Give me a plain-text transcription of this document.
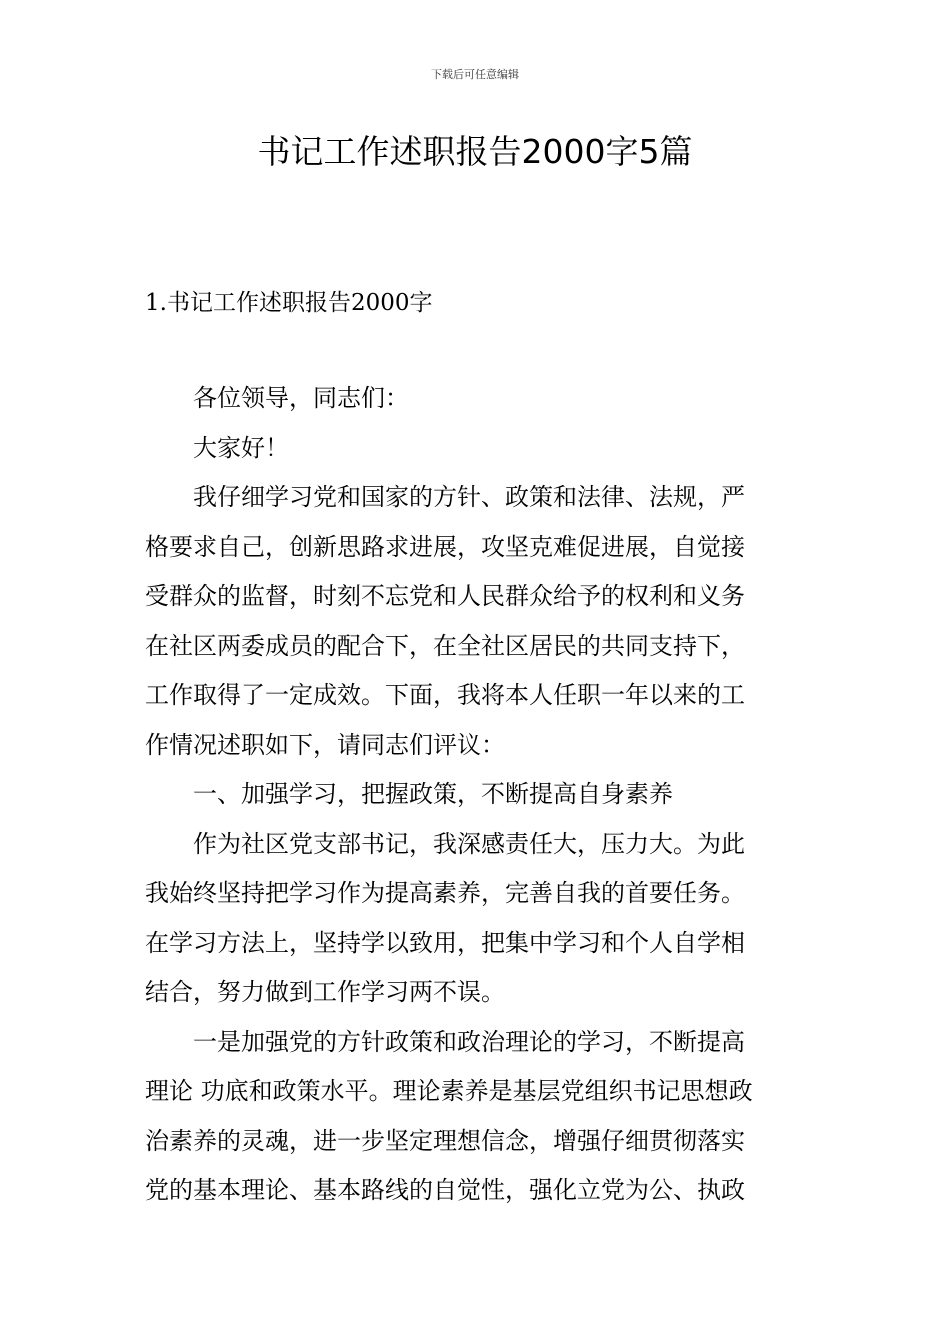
下载后可任意编辑
书记工作述职报告2000字5篇
1.书记工作述职报告2000字

各位领导，同志们：

大家好！

我仔细学习党和国家的方针、政策和法律、法规，严
格要求自己，创新思路求进展，攻坚克难促进展，自觉接
受群众的监督，时刻不忘党和人民群众给予的权利和义务
在社区两委成员的配合下，在全社区居民的共同支持下，
工作取得了一定成效。下面，我将本人任职一年以来的工
作情况述职如下，请同志们评议：

一、加强学习，把握政策，不断提高自身素养

作为社区党支部书记，我深感责任大，压力大。为此
我始终坚持把学习作为提高素养，完善自我的首要任务。
在学习方法上，坚持学以致用，把集中学习和个人自学相
结合，努力做到工作学习两不误。

一是加强党的方针政策和政治理论的学习，不断提高
理论 功底和政策水平。理论素养是基层党组织书记思想政
治素养的灵魂，进一步坚定理想信念，增强仔细贯彻落实
党的基本理论、基本路线的自觉性，强化立党为公、执政
